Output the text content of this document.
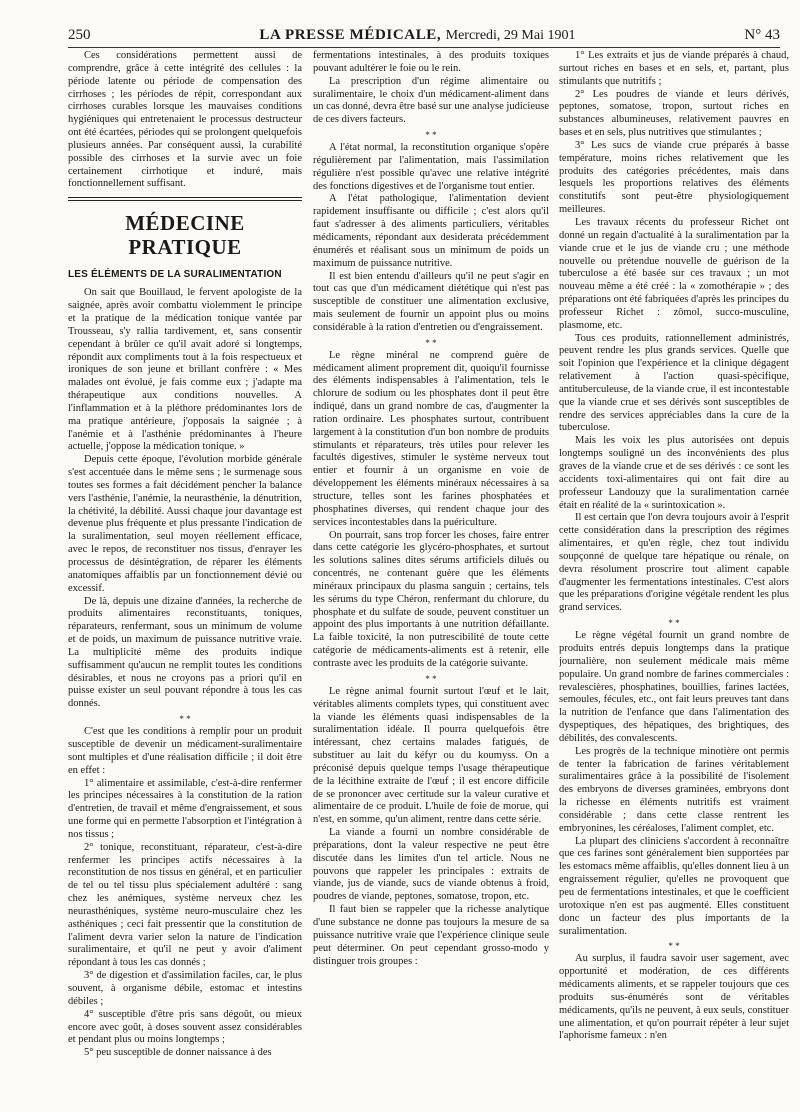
250	LA PRESSE MÉDICALE, Mercredi, 29 Mai 1901	N° 43

Ces considérations permettent aussi de comprendre, grâce à cette intégrité des cellules : la période latente ou période de compensation des cirrhoses ; les périodes de répit, correspondant aux cirrhoses curables lorsque les mauvaises conditions hygiéniques qui entretenaient le processus destructeur ont été écartées, périodes qui se prolongent quelquefois plusieurs années. Par conséquent aussi, la curabilité possible des cirrhoses et la survie avec un foie certainement cirrhotique et induré, mais fonctionnellement suffisant.

MÉDECINE PRATIQUE
LES ÉLÉMENTS DE LA SURALIMENTATION

On sait que Bouillaud, le fervent apologiste de la saignée, après avoir combattu violemment le principe et la pratique de la médication tonique vantée par Trousseau, s'y rallia tardivement, et, sans consentir cependant à brûler ce qu'il avait adoré si longtemps, répondit aux compliments tout à la fois respectueux et ironiques de son jeune et brillant confrère : « Mes malades ont évolué, je fais comme eux ; j'adapte ma thérapeutique aux conditions nouvelles. A l'inflammation et à la pléthore prédominantes lors de ma pratique antérieure, j'opposais la saignée ; à l'anémie et à l'asthénie prédominantes à l'heure actuelle, j'oppose la médication tonique. »

Depuis cette époque, l'évolution morbide générale s'est accentuée dans le même sens ; le surmenage sous toutes ses formes a fait décidément pencher la balance vers l'asthénie, l'anémie, la neurasthénie, la dénutrition, la chétivité, la débilité. Aussi chaque jour davantage est devenue plus fréquente et plus pressante l'indication de la suralimentation, seul moyen réellement efficace, avec le repos, de reconstituer nos tissus, d'enrayer les processus de désintégration, de réparer les éléments anatomiques affaiblis par un fonctionnement dévié ou excessif.

De là, depuis une dizaine d'années, la recherche de produits alimentaires reconstituants, toniques, réparateurs, renfermant, sous un minimum de volume et de poids, un maximum de puissance nutritive vraie. La multiplicité même des produits indique suffisamment qu'aucun ne remplit toutes les conditions désirables, et nous ne croyons pas a priori qu'il en puisse exister un seul pouvant répondre à tous les cas donnés.

* *

C'est que les conditions à remplir pour un produit susceptible de devenir un médicament-suralimentaire sont multiples et d'une réalisation difficile ; il doit être en effet :

1° alimentaire et assimilable, c'est-à-dire renfermer les principes nécessaires à la constitution de la ration d'entretien, de travail et même d'engraissement, et sous une forme qui en permette l'absorption et l'intégration à nos tissus ;

2° tonique, reconstituant, réparateur, c'est-à-dire renfermer les principes actifs nécessaires à la reconstitution de nos tissus en général, et en particulier de tel ou tel tissu plus spécialement adultéré : sang chez les anémiques, système nerveux chez les neurasthéniques, système neuro-musculaire chez les asthéniques ; ceci fait pressentir que la constitution de l'aliment devra varier selon la nature de l'indication suralimentaire, et qu'il ne peut y avoir d'aliment répondant à tous les cas donnés ;

3° de digestion et d'assimilation faciles, car, le plus souvent, à organisme débile, estomac et intestins débiles ;

4° susceptible d'être pris sans dégoût, ou mieux encore avec goût, à doses souvent assez considérables et pendant plus ou moins longtemps ;

5° peu susceptible de donner naissance à des

fermentations intestinales, à des produits toxiques pouvant adultérer le foie ou le rein.

La prescription d'un régime alimentaire ou suralimentaire, le choix d'un médicament-aliment dans un cas donné, devra être basé sur une analyse judicieuse de ces divers facteurs.

* *

A l'état normal, la reconstitution organique s'opère régulièrement par l'alimentation, mais l'assimilation régulière n'est possible qu'avec une relative intégrité des fonctions digestives et de l'organisme tout entier.

A l'état pathologique, l'alimentation devient rapidement insuffisante ou difficile ; c'est alors qu'il faut s'adresser à des aliments particuliers, véritables médicaments, répondant aux desiderata précédemment énumérés et réalisant sous un minimum de poids un maximum de puissance nutritive.

Il est bien entendu d'ailleurs qu'il ne peut s'agir en tout cas que d'un médicament diététique qui n'est pas susceptible de constituer une alimentation exclusive, mais seulement de fournir un appoint plus ou moins considérable à la ration d'entretien ou d'engraissement.

* *

Le règne minéral ne comprend guère de médicament aliment proprement dit, quoiqu'il fournisse des éléments indispensables à l'alimentation, tels le chlorure de sodium ou les phosphates dont il peut être indiqué, dans un grand nombre de cas, d'augmenter la ration ordinaire. Les phosphates surtout, contribuent largement à la constitution d'un bon nombre de produits stimulants et réparateurs, très utiles pour relever les facultés digestives, stimuler le système nerveux tout entier et fournir à un organisme en voie de développement les éléments minéraux nécessaires à sa structure, telles sont les farines phosphatées et phosphatines diverses, qui rendent chaque jour des services incontestables dans la puériculture.

On pourrait, sans trop forcer les choses, faire entrer dans cette catégorie les glycéro-phosphates, et surtout les solutions salines dites sérums artificiels dilués ou concentrés, ne contenant guère que les éléments minéraux principaux du plasma sanguin ; certains, tels les sérums du type Chéron, renfermant du chlorure, du phosphate et du sulfate de soude, peuvent constituer un appoint des plus importants à une nutrition défaillante. La faible toxicité, la non putrescibilité de toute cette catégorie de médicaments-aliments est à retenir, elle contraste avec les produits de la catégorie suivante.

* *

Le règne animal fournit surtout l'œuf et le lait, véritables aliments complets types, qui constituent avec la viande les éléments quasi indispensables de la suralimentation idéale. Il pourra quelquefois être intéressant, chez certains malades fatigués, de substituer au lait du kéfyr ou du koumyss. On a préconisé depuis quelque temps l'usage thérapeutique de la lécithine extraite de l'œuf ; il est encore difficile de se prononcer avec certitude sur la valeur curative et alimentaire de ce produit. L'huile de foie de morue, qui n'est, en somme, qu'un aliment, rentre dans cette série.

La viande a fourni un nombre considérable de préparations, dont la valeur respective ne peut être discutée dans les limites d'un tel article. Nous ne pouvons que rappeler les principales : extraits de viande, jus de viande, sucs de viande obtenus à froid, poudres de viande, peptones, somatose, tropon, etc.

Il faut bien se rappeler que la richesse analytique d'une substance ne donne pas toujours la mesure de sa puissance nutritive vraie que l'expérience clinique seule peut déterminer. On peut cependant grosso-modo y distinguer trois groupes :

1° Les extraits et jus de viande préparés à chaud, surtout riches en bases et en sels, et, partant, plus stimulants que nutritifs ;

2° Les poudres de viande et leurs dérivés, peptones, somatose, tropon, surtout riches en substances albumineuses, relativement pauvres en bases et en sels, plus nutritives que stimulantes ;

3° Les sucs de viande crue préparés à basse température, moins riches relativement que les produits des catégories précédentes, mais dans lesquels les proportions relatives des éléments constitutifs sont peut-être physiologiquement meilleures.

Les travaux récents du professeur Richet ont donné un regain d'actualité à la suralimentation par la viande crue et le jus de viande cru ; une méthode nouvelle ou prétendue nouvelle de guérison de la tuberculose a été basée sur ces travaux ; un mot nouveau même a été créé : la « zomothérapie » ; des préparations ont été fabriquées d'après les principes du professeur Richet : zômol, succo-musculine, plasmome, etc.

Tous ces produits, rationnellement administrés, peuvent rendre les plus grands services. Quelle que soit l'opinion que l'expérience et la clinique dégagent relativement à l'action quasi-spécifique, antituberculeuse, de la viande crue, il est incontestable que la viande crue et ses dérivés sont susceptibles de rendre des services appréciables dans la cure de la tuberculose.

Mais les voix les plus autorisées ont depuis longtemps souligné un des inconvénients des plus graves de la viande crue et de ses dérivés : ce sont les accidents toxi-alimentaires qui ont fait dire au professeur Landouzy que la suralimentation carnée était en réalité de la « surintoxication ».

Il est certain que l'on devra toujours avoir à l'esprit cette considération dans la prescription des régimes alimentaires, et qu'en règle, chez tout individu soupçonné de quelque tare hépatique ou rénale, on devra résolument proscrire tout aliment capable d'augmenter les fermentations intestinales. C'est alors que les préparations d'origine végétale rendent les plus grand services.

* *

Le règne végétal fournit un grand nombre de produits entrés depuis longtemps dans la pratique journalière, non seulement médicale mais même populaire. Un grand nombre de farines commerciales : revalescières, phosphatines, bouillies, farines lactées, semoules, fécules, etc., ont fait leurs preuves tant dans la nutrition de l'enfance que dans l'alimentation des dyspeptiques, des hépatiques, des brightiques, des débilités, des convalescents.

Les progrès de la technique minotière ont permis de tenter la fabrication de farines véritablement suralimentaires grâce à la possibilité de l'isolement des embryons de diverses graminées, embryons dont la richesse en éléments nutritifs est vraiment considérable ; dans cette classe rentrent les embryonines, les céréaloses, l'aliment complet, etc.

La plupart des cliniciens s'accordent à reconnaître que ces farines sont généralement bien supportées par les estomacs même affaiblis, qu'elles donnent lieu à un engraissement régulier, qu'elles ne provoquent que peu de fermentations intestinales, et que le coefficient urotoxique n'en est pas augmenté. Elles constituent donc un facteur des plus importants de la suralimentation.

* *

Au surplus, il faudra savoir user sagement, avec opportunité et modération, de ces différents médicaments aliments, et se rappeler toujours que ces produits sus-énumérés sont de véritables médicaments, qu'ils ne peuvent, à eux seuls, constituer une alimentation, et qu'on pourrait répéter à leur sujet l'aphorisme fameux : n'en
